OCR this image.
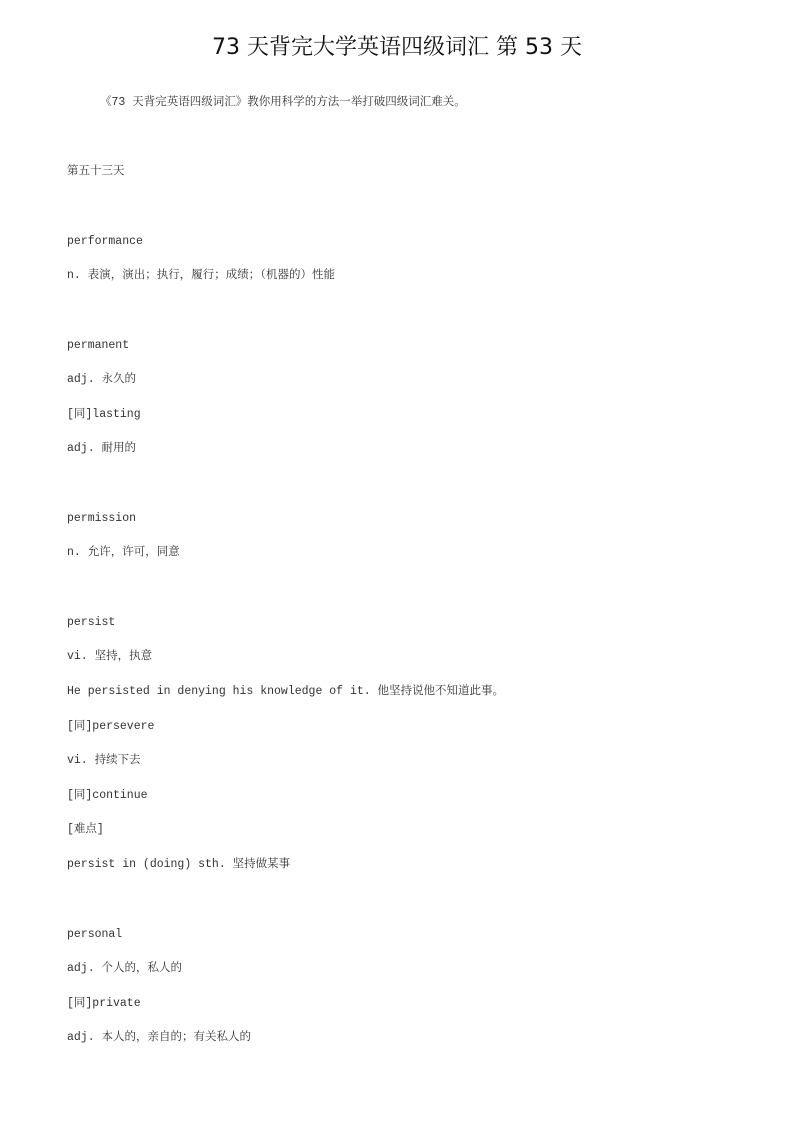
73 天背完大学英语四级词汇 第 53 天
《73 天背完英语四级词汇》教你用科学的方法一举打破四级词汇难关。
第五十三天
performance
n. 表演，演出；执行，履行；成绩；（机器的）性能
permanent
adj. 永久的
[同]lasting
adj. 耐用的
permission
n. 允许，许可，同意
persist
vi. 坚持，执意
He persisted in denying his knowledge of it. 他坚持说他不知道此事。
[同]persevere
vi. 持续下去
[同]continue
[难点]
persist in (doing) sth. 坚持做某事
personal
adj. 个人的，私人的
[同]private
adj. 本人的，亲自的；有关私人的
